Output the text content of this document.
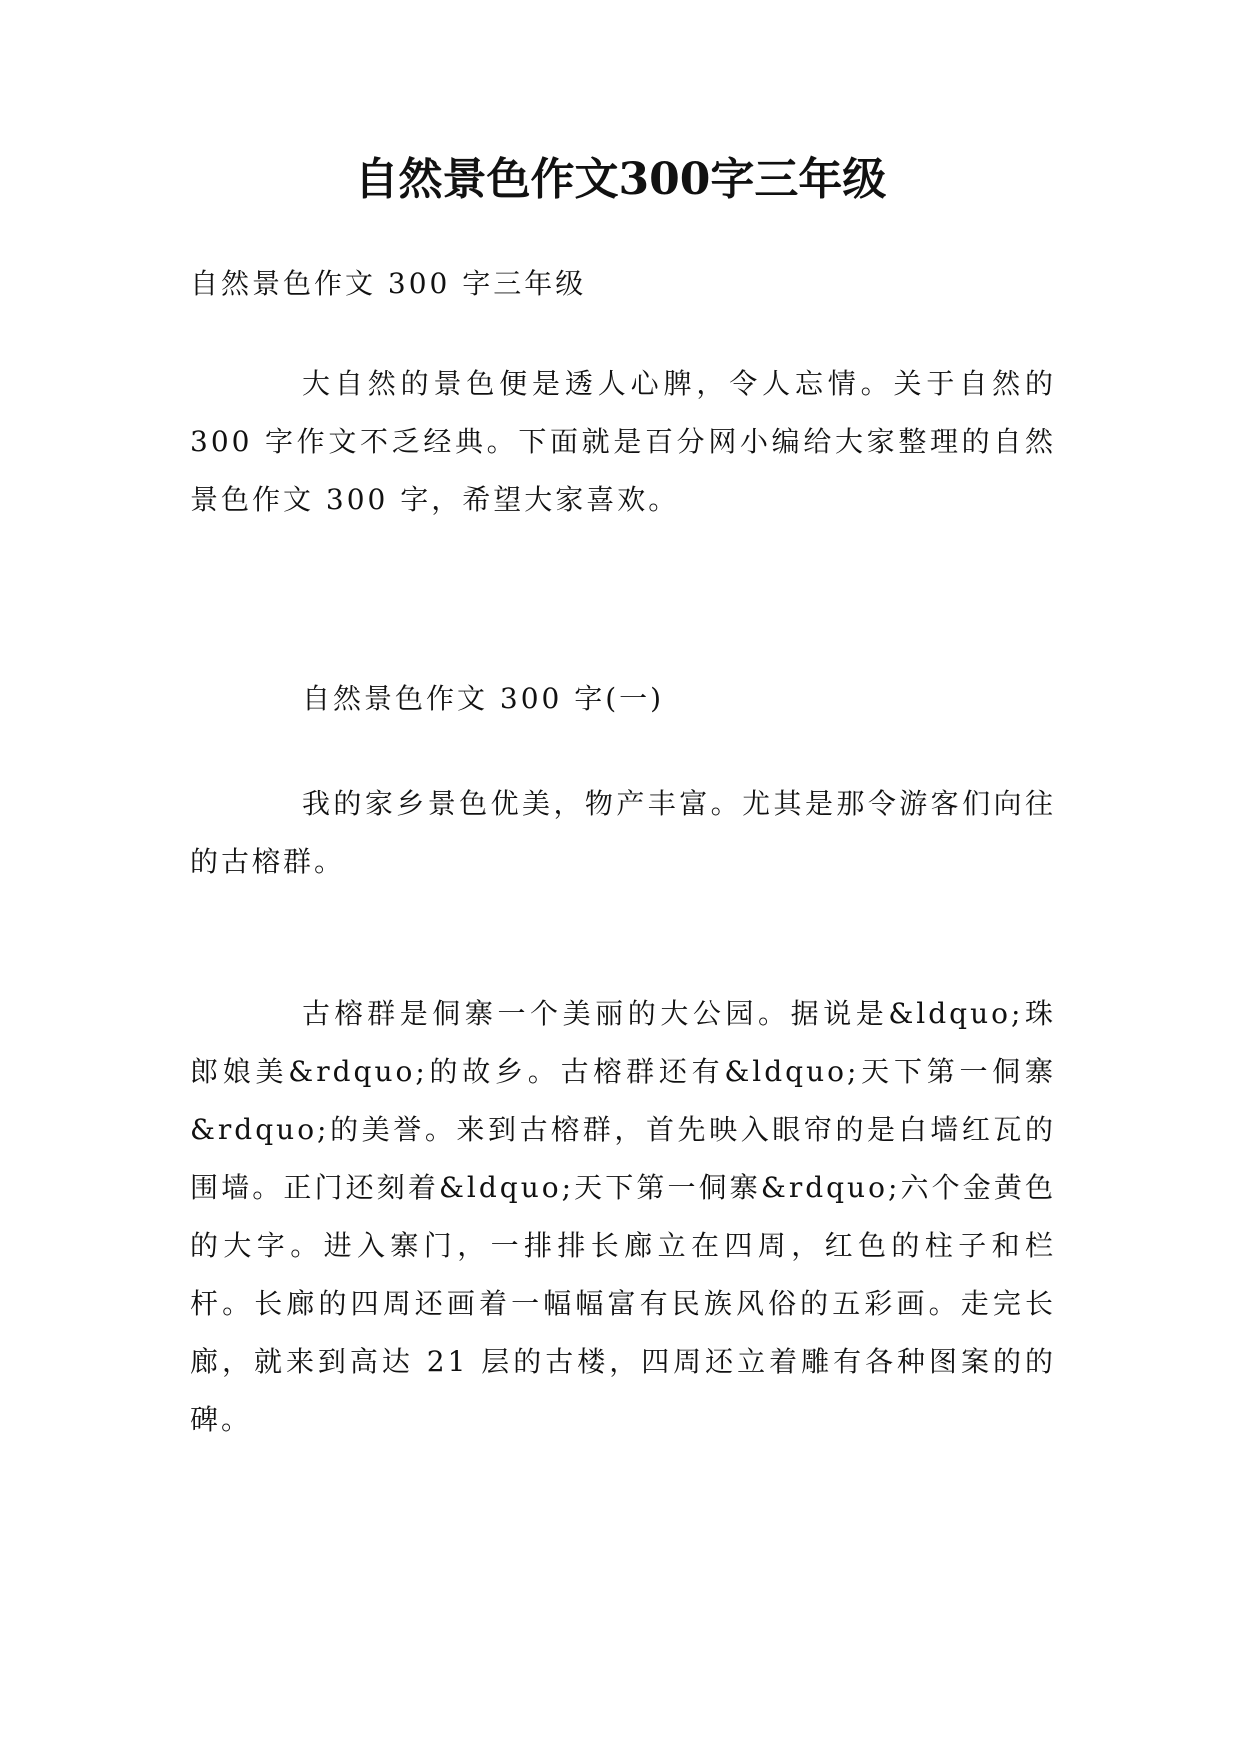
自然景色作文300字三年级

自然景色作文 300 字三年级

大自然的景色便是透人心脾，令人忘情。关于自然的 300 字作文不乏经典。下面就是百分网小编给大家整理的自然景色作文 300 字，希望大家喜欢。

自然景色作文 300 字(一)

我的家乡景色优美，物产丰富。尤其是那令游客们向往的古榕群。

古榕群是侗寨一个美丽的大公园。据说是&ldquo;珠郎娘美&rdquo;的故乡。古榕群还有&ldquo;天下第一侗寨&rdquo;的美誉。来到古榕群，首先映入眼帘的是白墙红瓦的围墙。正门还刻着&ldquo;天下第一侗寨&rdquo;六个金黄色的大字。进入寨门，一排排长廊立在四周，红色的柱子和栏杆。长廊的四周还画着一幅幅富有民族风俗的五彩画。走完长廊，就来到高达 21 层的古楼，四周还立着雕有各种图案的的碑。
